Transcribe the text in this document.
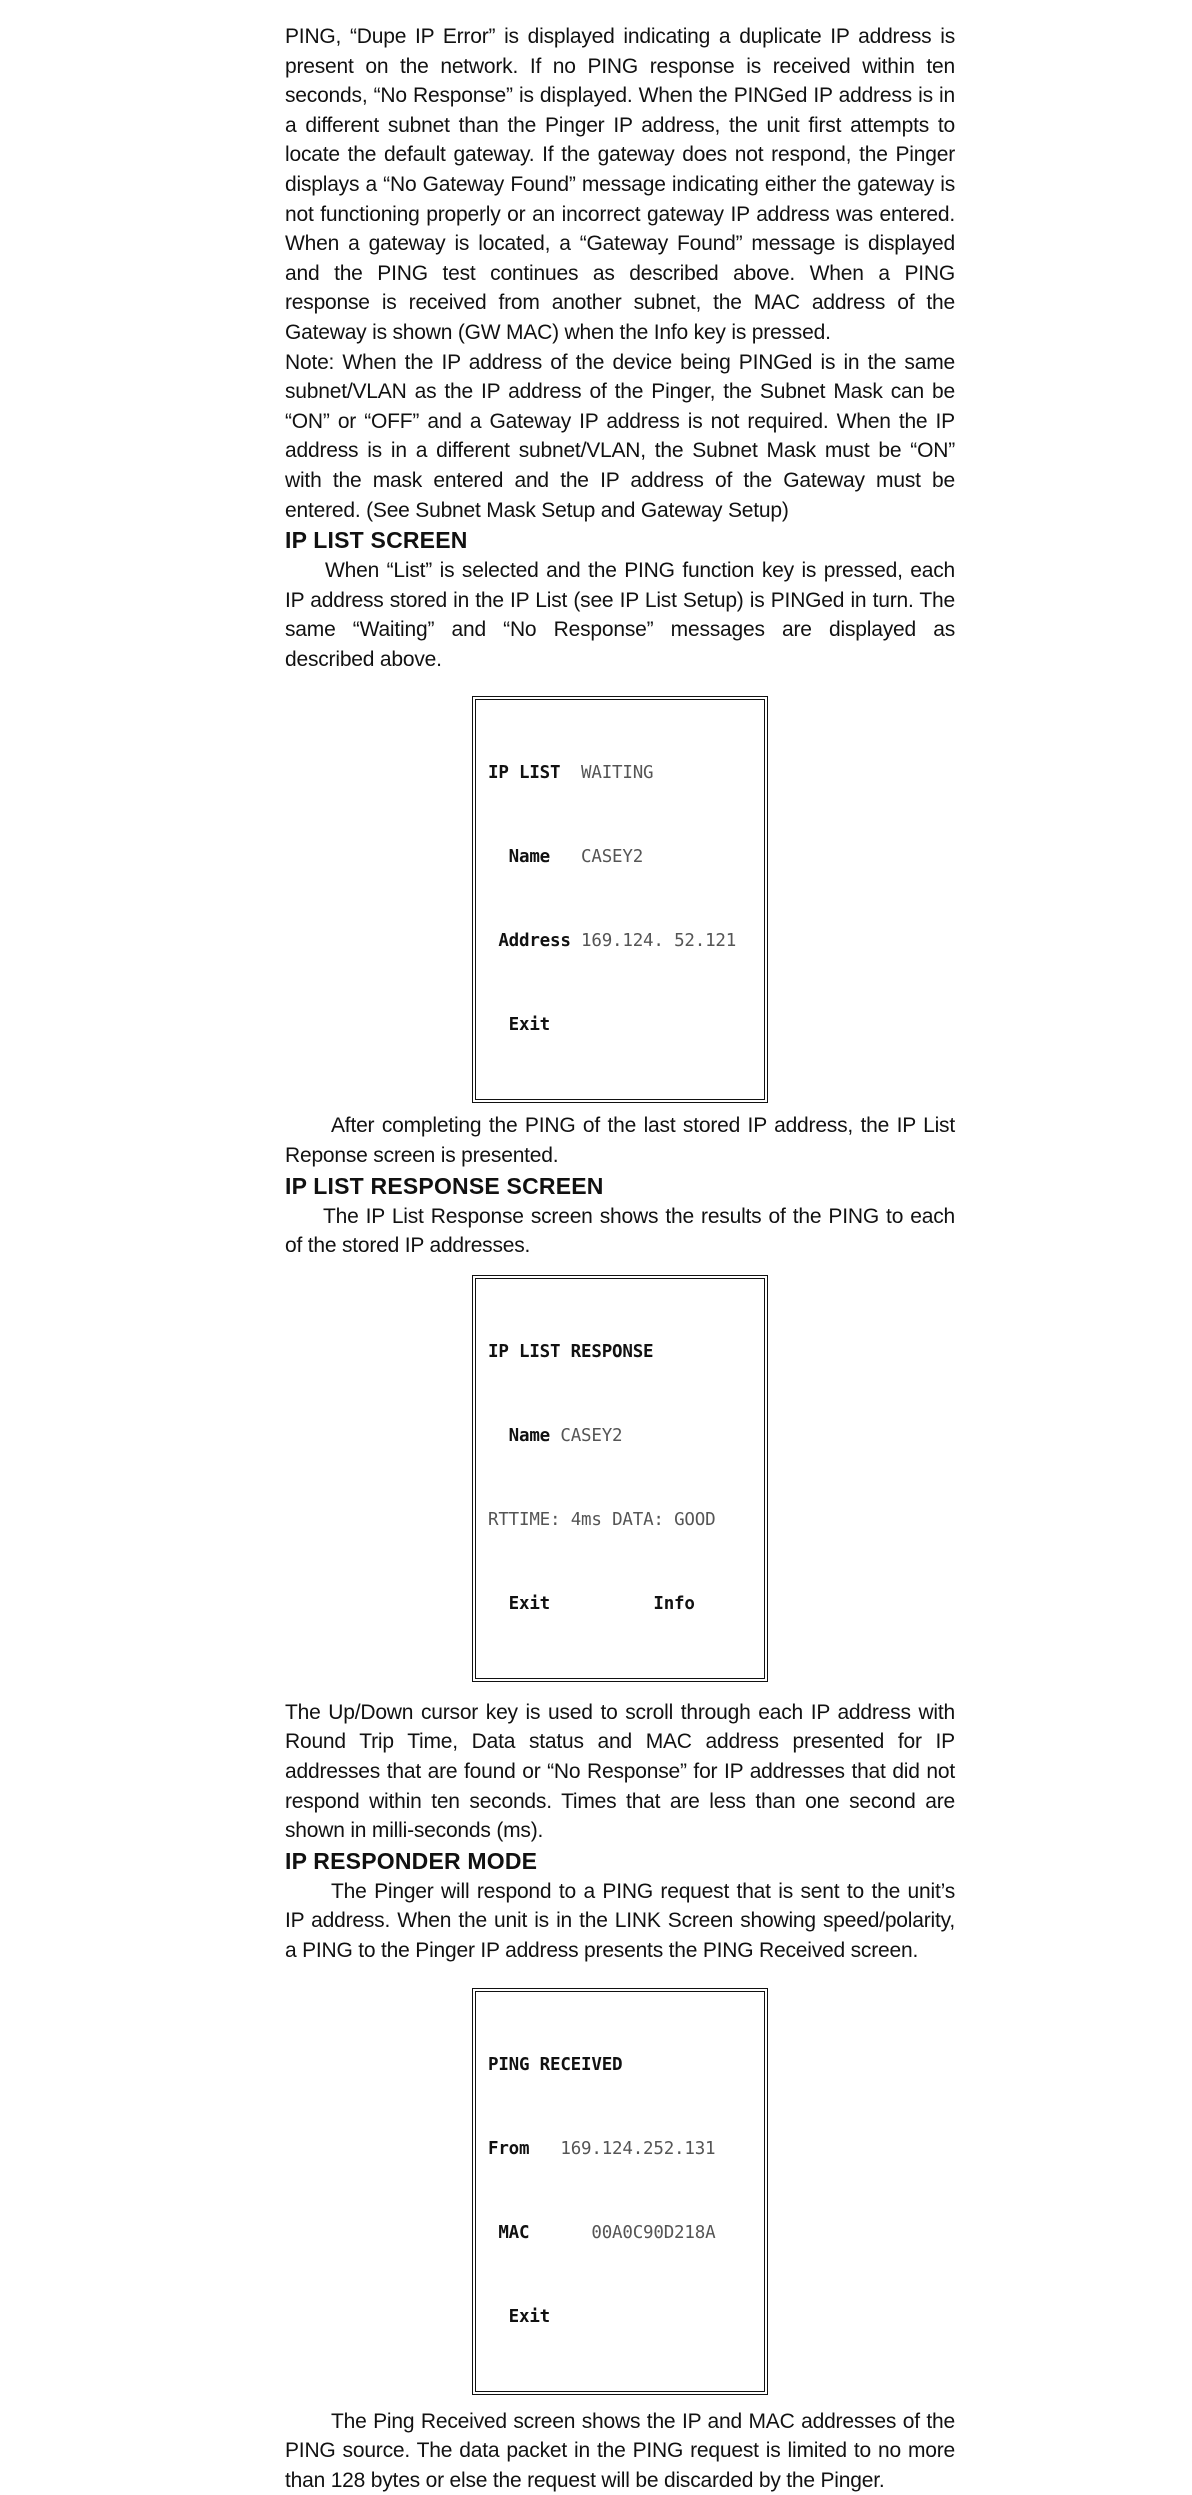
PING, “Dupe IP Error” is displayed indicating a duplicate IP address is present on the network. If no PING response is received within ten seconds, “No Response” is displayed. When the PINGed IP address is in a different subnet than the Pinger IP address, the unit first attempts to locate the default gateway. If the gateway does not respond, the Pinger displays a “No Gateway Found” message indicating either the gateway is not functioning properly or an incorrect gateway IP address was entered. When a gateway is located, a “Gateway Found” message is displayed and the PING test continues as described above. When a PING response is received from another subnet, the MAC address of the Gateway is shown (GW MAC) when the Info key is pressed.

Note: When the IP address of the device being PINGed is in the same subnet/VLAN as the IP address of the Pinger, the Subnet Mask can be “ON” or “OFF” and a Gateway IP address is not required. When the IP address is in a different subnet/VLAN, the Subnet Mask must be “ON” with the mask entered and the IP address of the Gateway must be entered. (See Subnet Mask Setup and Gateway Setup)

IP LIST SCREEN

When “List” is selected and the PING function key is pressed, each IP address stored in the IP List (see IP List Setup) is PINGed in turn. The same “Waiting” and “No Response” messages are displayed as described above.

IP LIST
WAITING

Name
CASEY2

Address
169.124. 52.121

Exit

After completing the PING of the last stored IP address, the IP List Reponse screen is presented.

IP LIST RESPONSE SCREEN

The IP List Response screen shows the results of the PING to each of the stored IP addresses.

IP LIST RESPONSE

Name
CASEY2

RTTIME:
4ms
DATA:
GOOD

Exit
	Info

The Up/Down cursor key is used to scroll through each IP address with Round Trip Time, Data status and MAC address presented for IP addresses that are found or “No Response” for IP addresses that did not respond within ten seconds. Times that are less than one second are shown in milli-seconds (ms).

IP RESPONDER MODE

The Pinger will respond to a PING request that is sent to the unit’s IP address. When the unit is in the LINK Screen showing speed/polarity, a PING to the Pinger IP address presents the PING Received screen.

PING RECEIVED

From
169.124.252.131

MAC
	00A0C90D218A

Exit

The Ping Received screen shows the IP and MAC addresses of the PING source. The data packet in the PING request is limited to no more than 128 bytes or else the request will be discarded by the Pinger.
